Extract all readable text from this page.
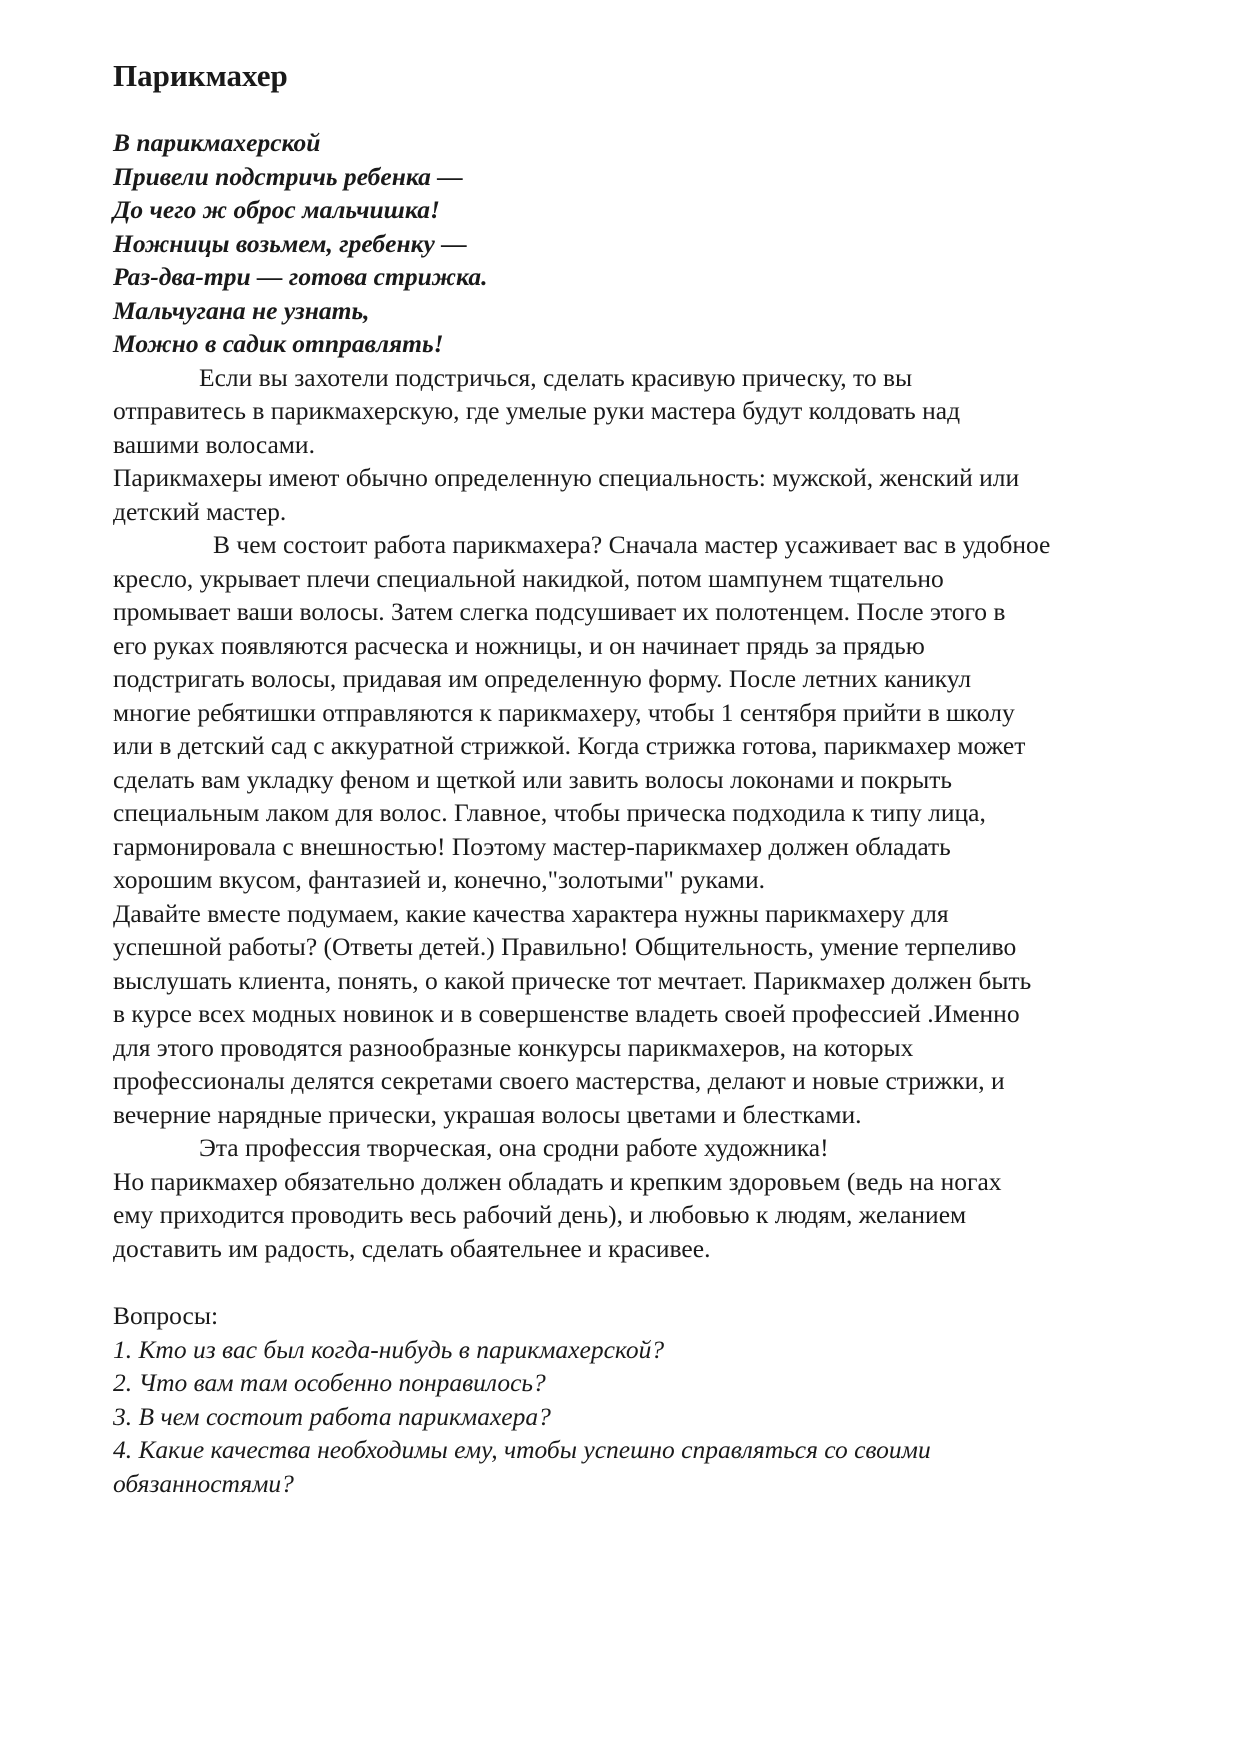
Парикмахер
В парикмахерской
Привели подстричь ребенка —
До чего ж оброс мальчишка!
Ножницы возьмем, гребенку —
Раз-два-три — готова стрижка.
Мальчугана не узнать,
Можно в садик отправлять!
Если вы захотели подстричься, сделать красивую прическу, то вы
отправитесь в парикмахерскую, где умелые руки мастера будут колдовать над
вашими волосами.
Парикмахеры имеют обычно определенную специальность: мужской, женский или
детский мастер.
В чем состоит работа парикмахера? Сначала мастер усаживает вас в удобное
кресло, укрывает плечи специальной накидкой, потом шампунем тщательно
промывает ваши волосы. Затем слегка подсушивает их полотенцем. После этого в
его руках появляются расческа и ножницы, и он начинает прядь за прядью
подстригать волосы, придавая им определенную форму. После летних каникул
многие ребятишки отправляются к парикмахеру, чтобы 1 сентября прийти в школу
или в детский сад с аккуратной стрижкой. Когда стрижка готова, парикмахер может
сделать вам укладку феном и щеткой или завить волосы локонами и покрыть
специальным лаком для волос. Главное, чтобы прическа подходила к типу лица,
гармонировала с внешностью! Поэтому мастер-парикмахер должен обладать
хорошим вкусом, фантазией и, конечно,"золотыми" руками.
Давайте вместе подумаем, какие качества характера нужны парикмахеру для
успешной работы? (Ответы детей.) Правильно! Общительность, умение терпеливо
выслушать клиента, понять, о какой прическе тот мечтает. Парикмахер должен быть
в курсе всех модных новинок и в совершенстве владеть своей профессией .Именно
для этого проводятся разнообразные конкурсы парикмахеров, на которых
профессионалы делятся секретами своего мастерства, делают и новые стрижки, и
вечерние нарядные прически, украшая волосы цветами и блестками.
Эта профессия творческая, она сродни работе художника!
Но парикмахер обязательно должен обладать и крепким здоровьем (ведь на ногах
ему приходится проводить весь рабочий день), и любовью к людям, желанием
доставить им радость, сделать обаятельнее и красивее.
Вопросы:
1. Кто из вас был когда-нибудь в парикмахерской?
2. Что вам там особенно понравилось?
3. В чем состоит работа парикмахера?
4. Какие качества необходимы ему, чтобы успешно справляться со своими
обязанностями?
